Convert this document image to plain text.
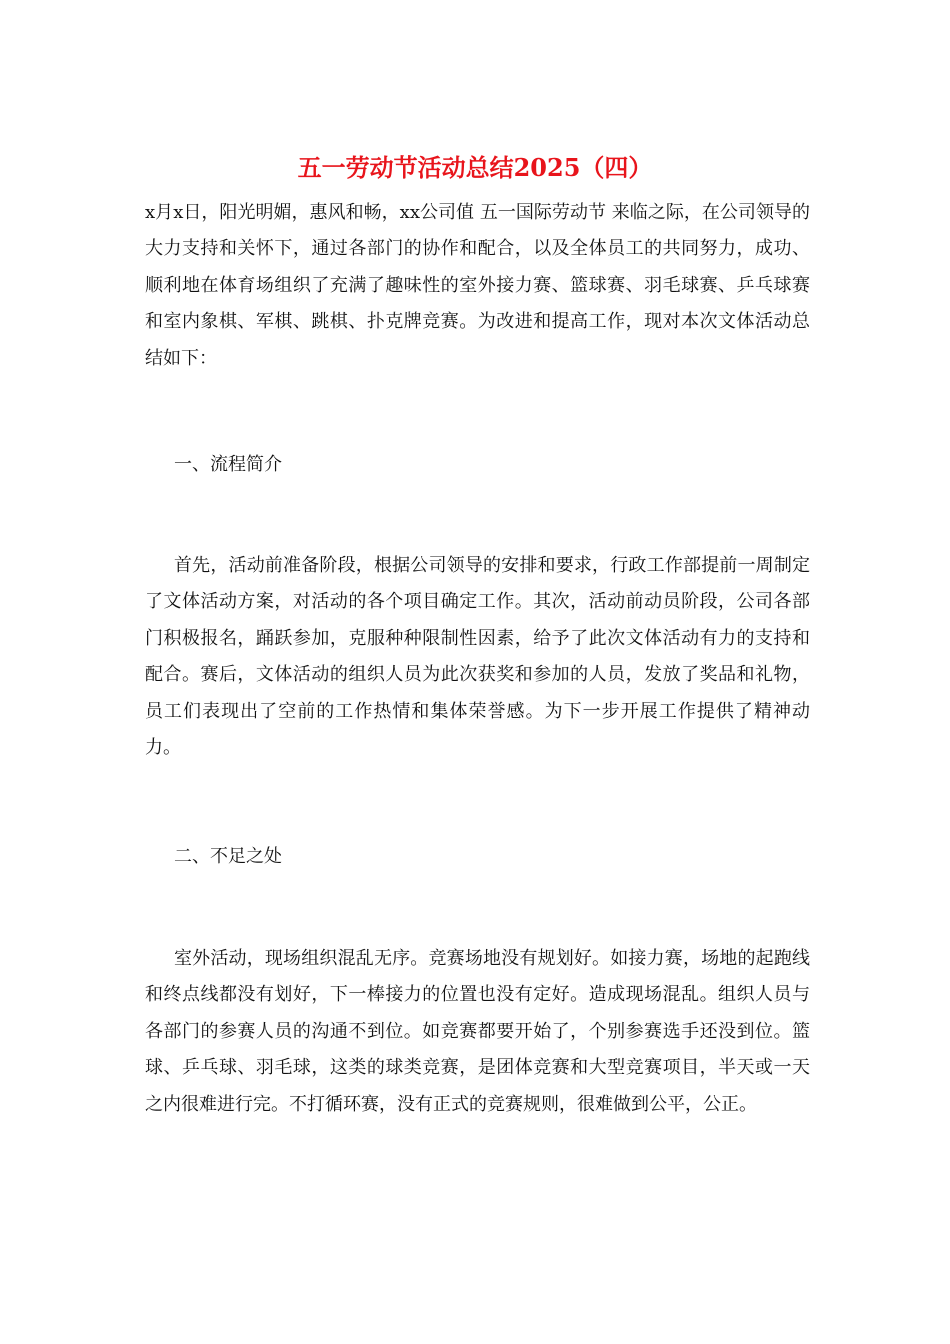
五一劳动节活动总结2025（四）

x月x日，阳光明媚，惠风和畅，xx公司值 五一国际劳动节 来临之际，在公司领导的大力支持和关怀下，通过各部门的协作和配合，以及全体员工的共同努力，成功、顺利地在体育场组织了充满了趣味性的室外接力赛、篮球赛、羽毛球赛、乒乓球赛和室内象棋、军棋、跳棋、扑克牌竞赛。为改进和提高工作，现对本次文体活动总结如下：

一、流程简介

首先，活动前准备阶段，根据公司领导的安排和要求，行政工作部提前一周制定了文体活动方案，对活动的各个项目确定工作。其次，活动前动员阶段，公司各部门积极报名，踊跃参加，克服种种限制性因素，给予了此次文体活动有力的支持和配合。赛后，文体活动的组织人员为此次获奖和参加的人员，发放了奖品和礼物，员工们表现出了空前的工作热情和集体荣誉感。为下一步开展工作提供了精神动力。

二、不足之处

室外活动，现场组织混乱无序。竞赛场地没有规划好。如接力赛，场地的起跑线和终点线都没有划好，下一棒接力的位置也没有定好。造成现场混乱。组织人员与各部门的参赛人员的沟通不到位。如竞赛都要开始了，个别参赛选手还没到位。篮球、乒乓球、羽毛球，这类的球类竞赛，是团体竞赛和大型竞赛项目，半天或一天之内很难进行完。不打循环赛，没有正式的竞赛规则，很难做到公平，公正。
